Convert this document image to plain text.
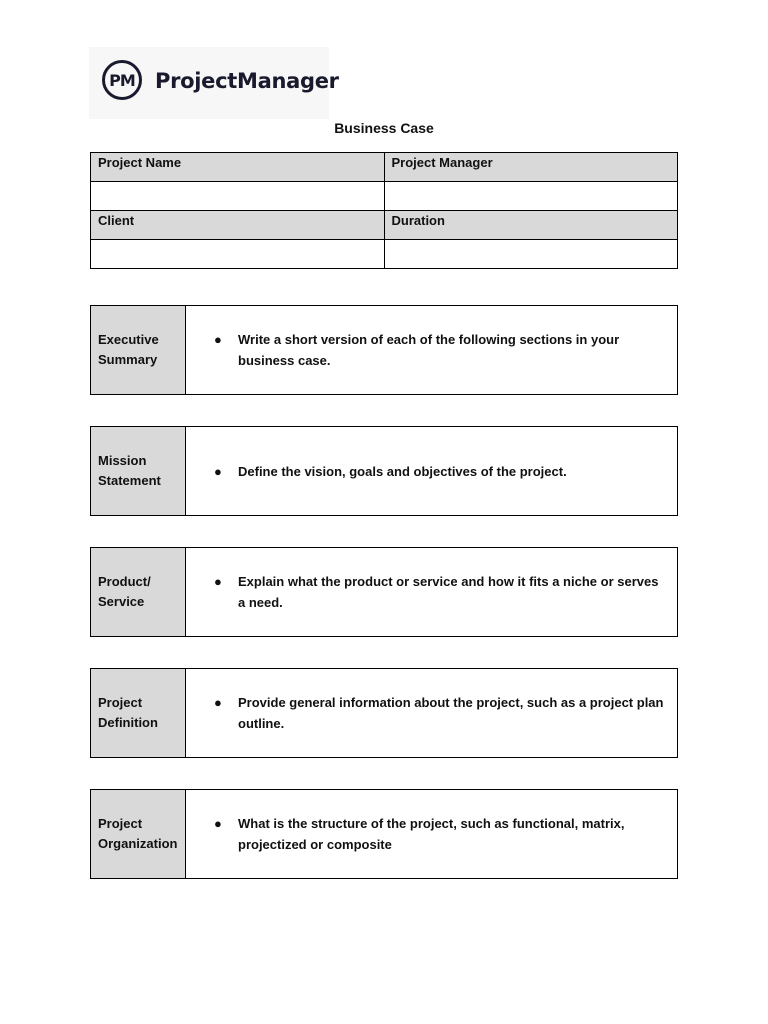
PM ProjectManager
Business Case
Project Name	Project Manager

Client	Duration

Executive
Summary
●	Write a short version of each of the following sections in your business case.
Mission
Statement
●	Define the vision, goals and objectives of the project.
Product/
Service
●	Explain what the product or service and how it fits a niche or serves a need.
Project
Definition
●	Provide general information about the project, such as a project plan outline.
Project
Organization
●	What is the structure of the project, such as functional, matrix, projectized or composite
